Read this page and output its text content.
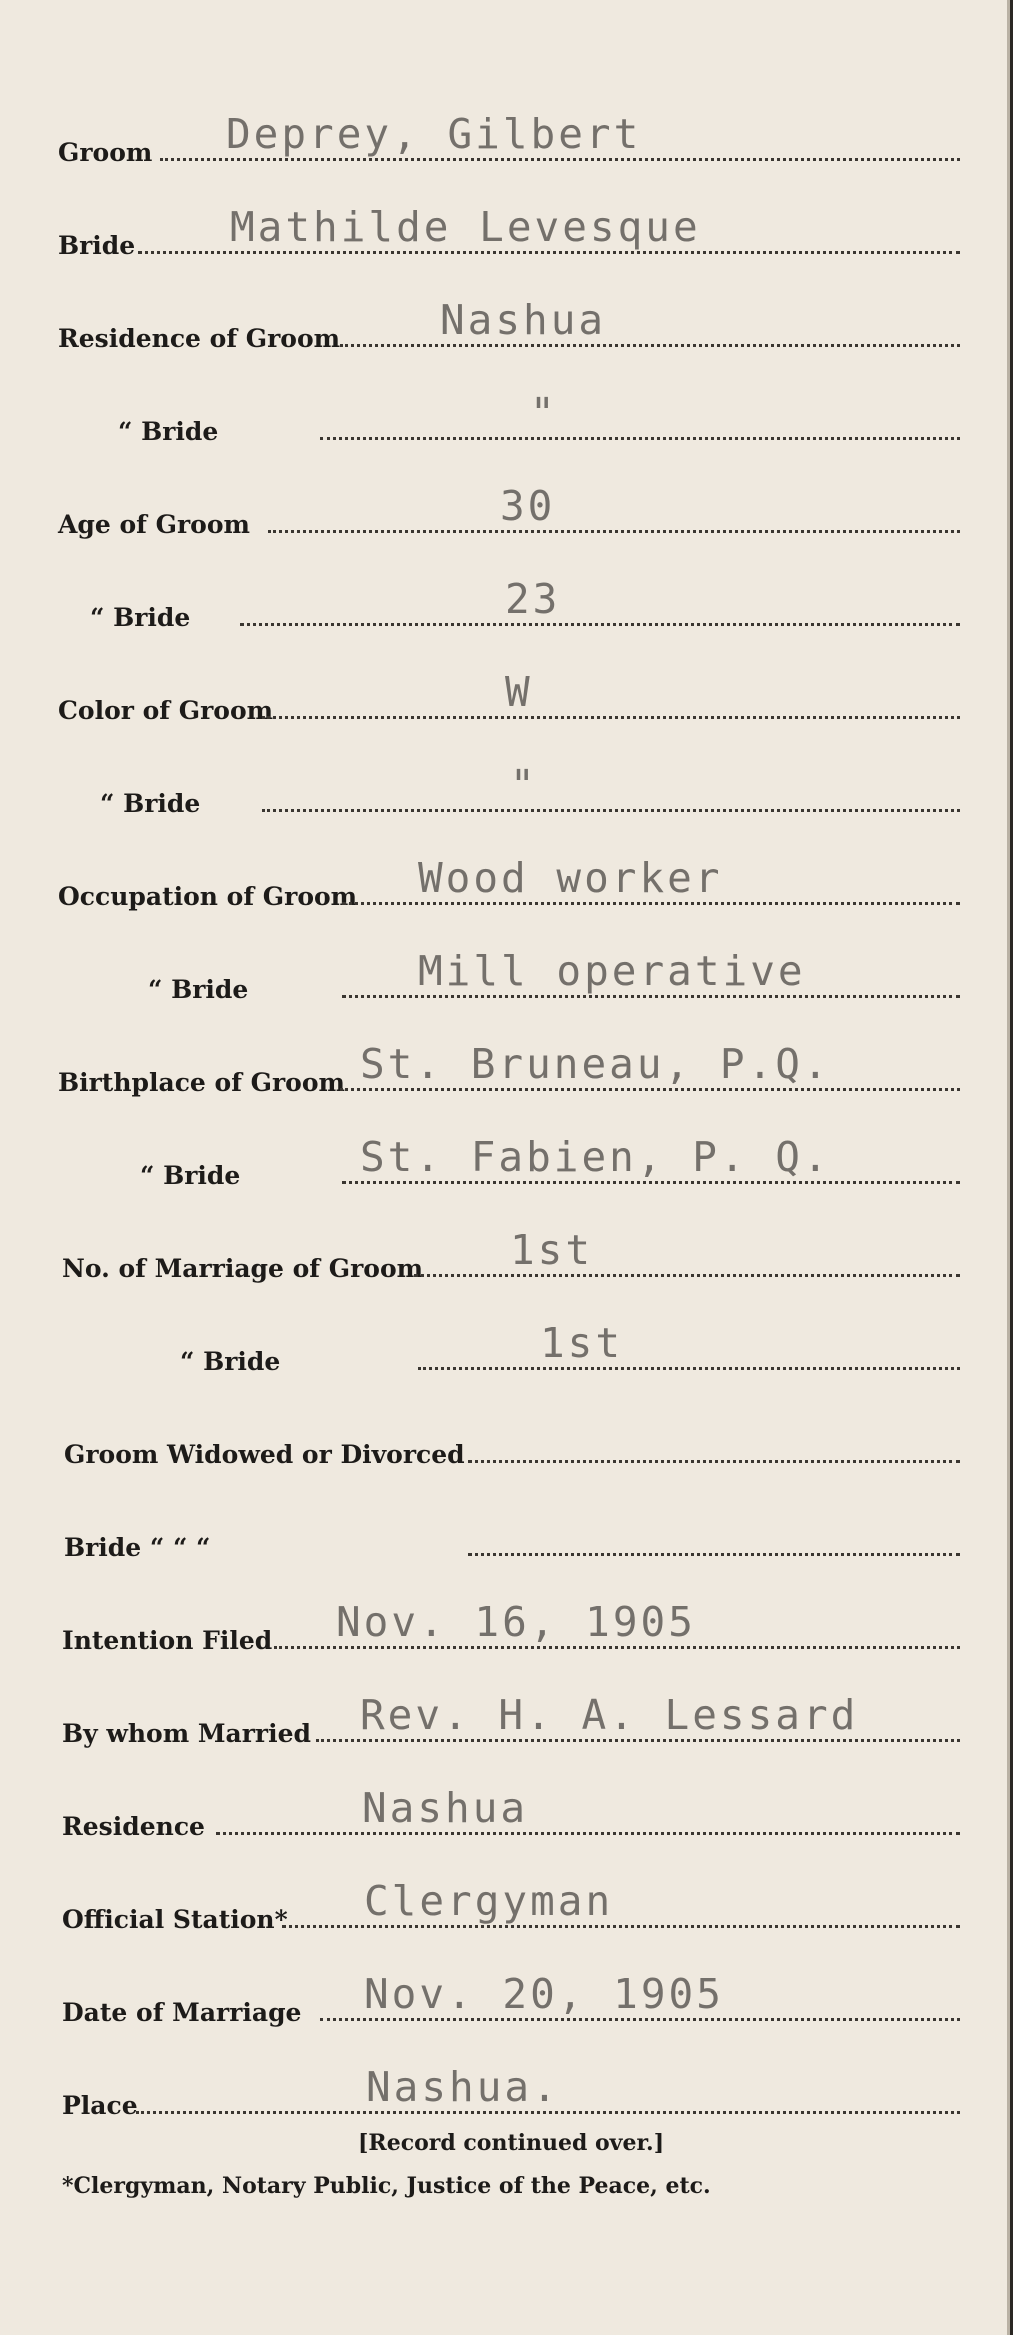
Groom Deprey, Gilbert
Bride Mathilde Levesque
Residence of Groom Nashua
“ Bride	"
Age of Groom	30
“ Bride	23
Color of Groom	W
“ Bride	"
Occupation of Groom Wood worker
“ Bride	Mill operative
Birthplace of Groom St. Bruneau, P.Q.
“ Bride	St. Fabien, P. Q.
No. of Marriage of Groom 1st
“ Bride	1st
Groom Widowed or Divorced
Bride “ “ “
Intention Filed Nov. 16, 1905
By whom Married Rev. H. A. Lessard
Residence	Nashua
Official Station* Clergyman
Date of Marriage Nov. 20, 1905
Place	Nashua.
[Record continued over.]
*Clergyman, Notary Public, Justice of the Peace, etc.
